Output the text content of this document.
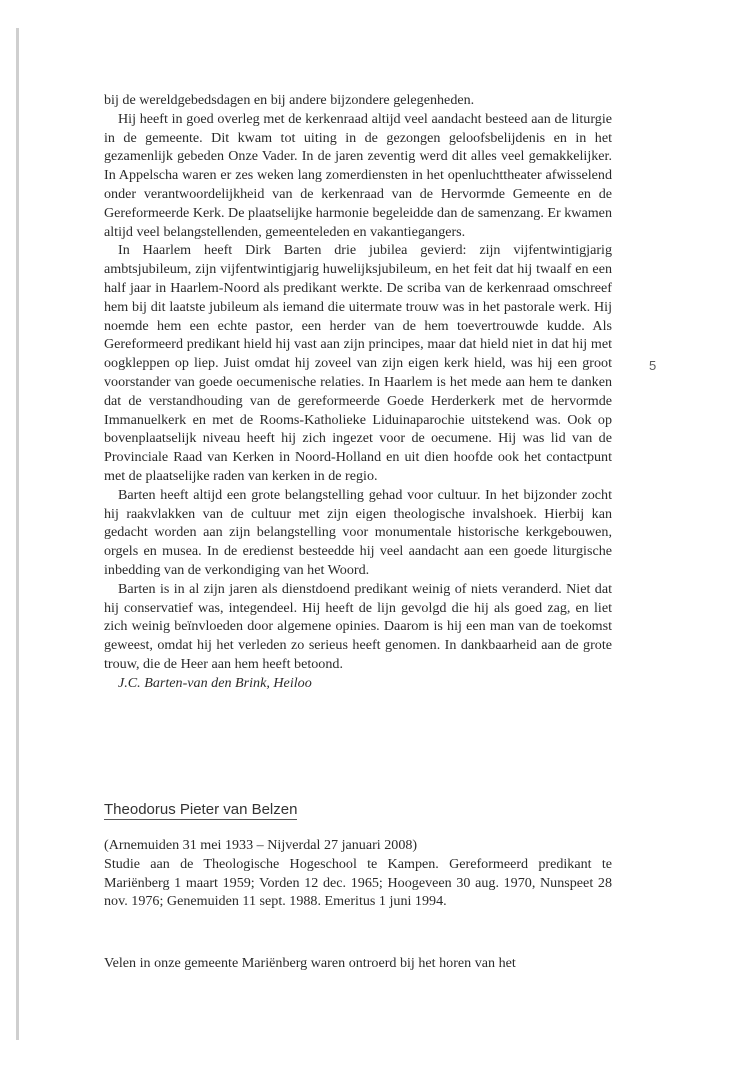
5

bij de wereldgebedsdagen en bij andere bijzondere gelegenheden.

Hij heeft in goed overleg met de kerkenraad altijd veel aandacht besteed aan de liturgie in de gemeente. Dit kwam tot uiting in de gezongen geloofsbelijdenis en in het gezamenlijk gebeden Onze Vader. In de jaren zeventig werd dit alles veel gemakkelijker. In Appelscha waren er zes weken lang zomerdiensten in het openluchttheater afwisselend onder verantwoordelijkheid van de kerkenraad van de Hervormde Gemeente en de Gereformeerde Kerk. De plaatselijke harmonie begeleidde dan de samenzang. Er kwamen altijd veel belangstellenden, gemeenteleden en vakantiegangers.

In Haarlem heeft Dirk Barten drie jubilea gevierd: zijn vijfentwintigjarig ambtsjubileum, zijn vijfentwintigjarig huwelijksjubileum, en het feit dat hij twaalf en een half jaar in Haarlem-Noord als predikant werkte. De scriba van de kerkenraad omschreef hem bij dit laatste jubileum als iemand die uitermate trouw was in het pastorale werk. Hij noemde hem een echte pastor, een herder van de hem toevertrouwde kudde. Als Gereformeerd predikant hield hij vast aan zijn principes, maar dat hield niet in dat hij met oogkleppen op liep. Juist omdat hij zoveel van zijn eigen kerk hield, was hij een groot voorstander van goede oecumenische relaties. In Haarlem is het mede aan hem te danken dat de verstandhouding van de gereformeerde Goede Herderkerk met de hervormde Immanuelkerk en met de Rooms-Katholieke Liduinaparochie uitstekend was. Ook op bovenplaatselijk niveau heeft hij zich ingezet voor de oecumene. Hij was lid van de Provinciale Raad van Kerken in Noord-Holland en uit dien hoofde ook het contactpunt met de plaatselijke raden van kerken in de regio.

Barten heeft altijd een grote belangstelling gehad voor cultuur. In het bijzonder zocht hij raakvlakken van de cultuur met zijn eigen theologische invalshoek. Hierbij kan gedacht worden aan zijn belangstelling voor monumentale historische kerkgebouwen, orgels en musea. In de eredienst besteedde hij veel aandacht aan een goede liturgische inbedding van de verkondiging van het Woord.

Barten is in al zijn jaren als dienstdoend predikant weinig of niets veranderd. Niet dat hij conservatief was, integendeel. Hij heeft de lijn gevolgd die hij als goed zag, en liet zich weinig beïnvloeden door algemene opinies. Daarom is hij een man van de toekomst geweest, omdat hij het verleden zo serieus heeft genomen. In dankbaarheid aan de grote trouw, die de Heer aan hem heeft betoond.

J.C. Barten-van den Brink, Heiloo

Theodorus Pieter van Belzen

(Arnemuiden 31 mei 1933 – Nijverdal 27 januari 2008)

Studie aan de Theologische Hogeschool te Kampen. Gereformeerd predikant te Mariënberg 1 maart 1959; Vorden 12 dec. 1965; Hoogeveen 30 aug. 1970, Nunspeet 28 nov. 1976; Genemuiden 11 sept. 1988. Emeritus 1 juni 1994.

Velen in onze gemeente Mariënberg waren ontroerd bij het horen van het
